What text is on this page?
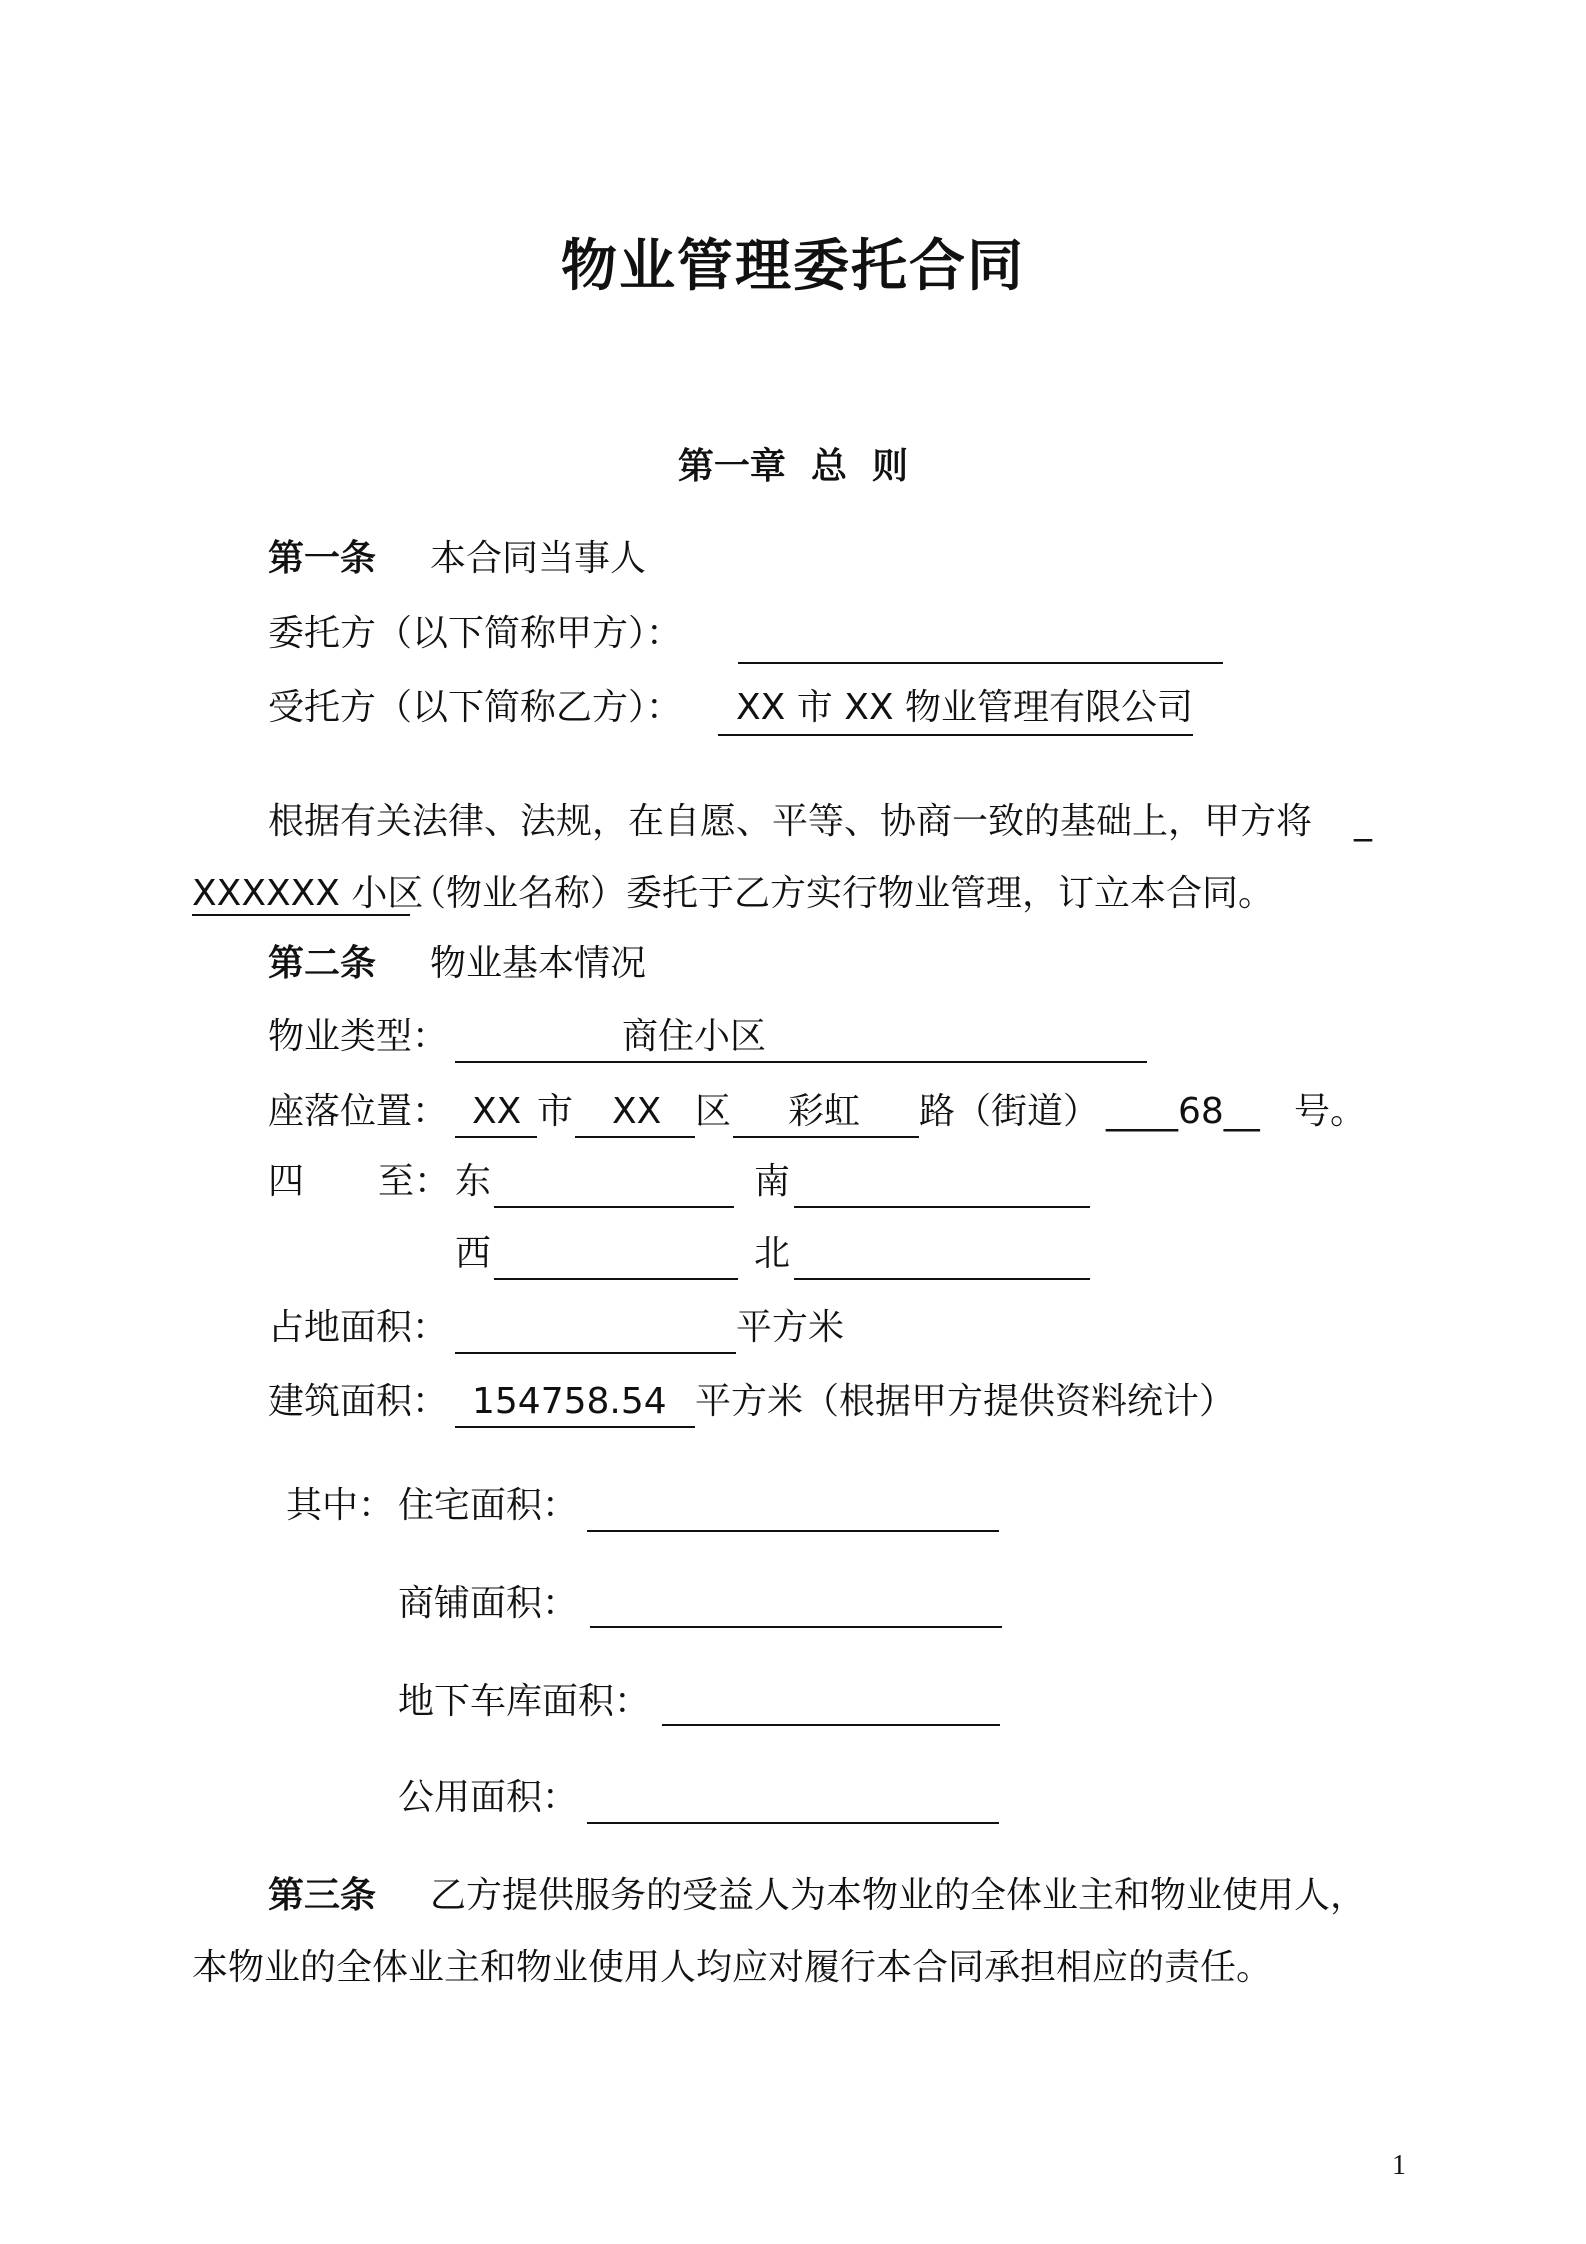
物业管理委托合同
第一章  总  则
第一条 本合同当事人
委托方（以下简称甲方）：
受托方（以下简称乙方）： XX 市 XX 物业管理有限公司
根据有关法律、法规，在自愿、平等、协商一致的基础上，甲方将 _
XXXXXX 小区
（物业名称）委托于乙方实行物业管理，订立本合同。
第二条 物业基本情况
物业类型：	商住小区
座落位置： XX 市 XX 区 彩虹 路（街道） ____68__ 号。
四 至： 东	南
西	北
占地面积：	平方米
建筑面积： 154758.54 平方米（根据甲方提供资料统计）
其中： 住宅面积：
商铺面积：
地下车库面积：
公用面积：
第三条 乙方提供服务的受益人为本物业的全体业主和物业使用人，
本物业的全体业主和物业使用人均应对履行本合同承担相应的责任。
1
